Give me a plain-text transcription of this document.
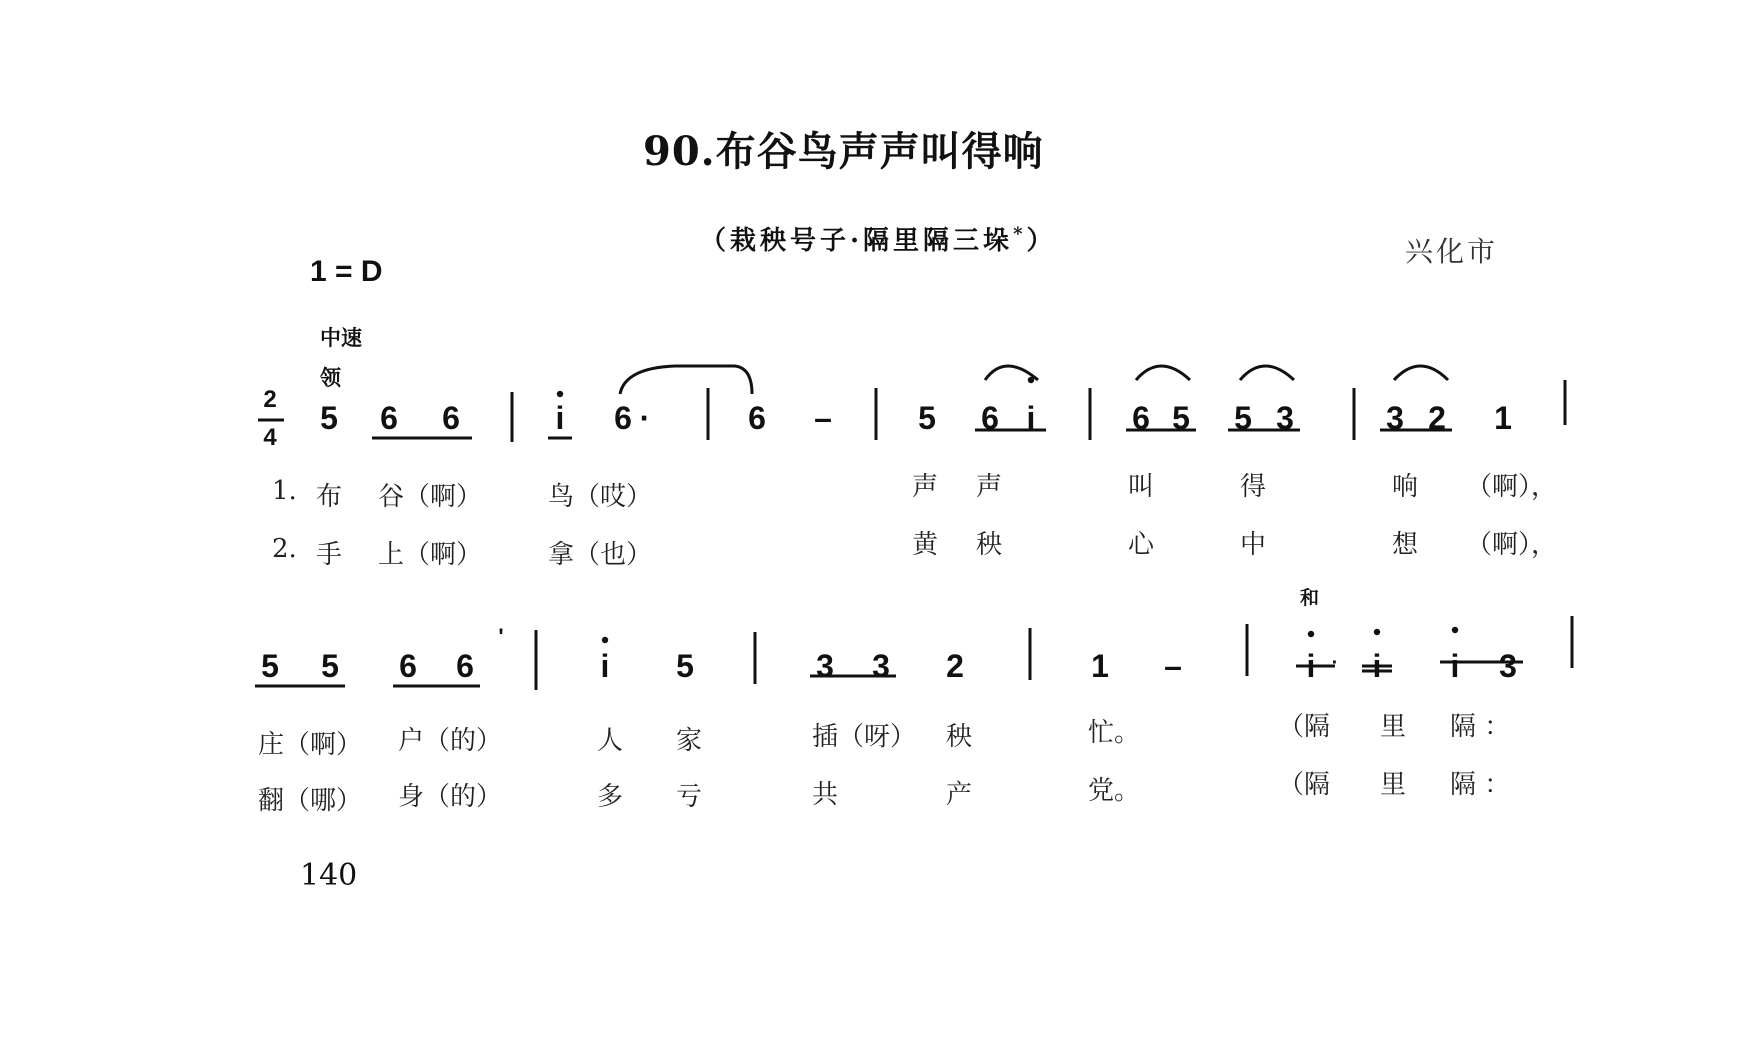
90.布谷鸟声声叫得响
（栽秧号子·隔里隔三垛*）	兴化市
1 = D
中速
领
和
2
4
5 6 6	i	6 ·	6 –	5 6 i	6 5 5 3	3 2 1
1. 布 谷（啊）	鸟（哎）	声 声	叫	得	响 （啊），
2. 手 上（啊）	拿（也）	黄 秧	心	中	想 （啊），
5 5 6 6
'
i	5	3 3 2	1 –	i ·	i	i	3
庄（啊） 户（的）	人 家	插（呀） 秧	忙。	（隔 里 隔 ：
翻（哪） 身（的）	多 亏	共	产	党。	（隔 里 隔 ：
140
